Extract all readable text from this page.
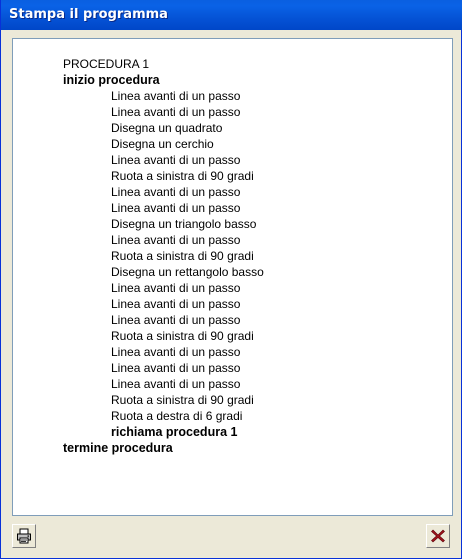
Stampa il programma
PROCEDURA 1
inizio procedura
Linea avanti di un passo
Linea avanti di un passo
Disegna un quadrato
Disegna un cerchio
Linea avanti di un passo
Ruota a sinistra di 90 gradi
Linea avanti di un passo
Linea avanti di un passo
Disegna un triangolo basso
Linea avanti di un passo
Ruota a sinistra di 90 gradi
Disegna un rettangolo basso
Linea avanti di un passo
Linea avanti di un passo
Linea avanti di un passo
Ruota a sinistra di 90 gradi
Linea avanti di un passo
Linea avanti di un passo
Linea avanti di un passo
Ruota a sinistra di 90 gradi
Ruota a destra di 6 gradi
richiama procedura 1
termine procedura
